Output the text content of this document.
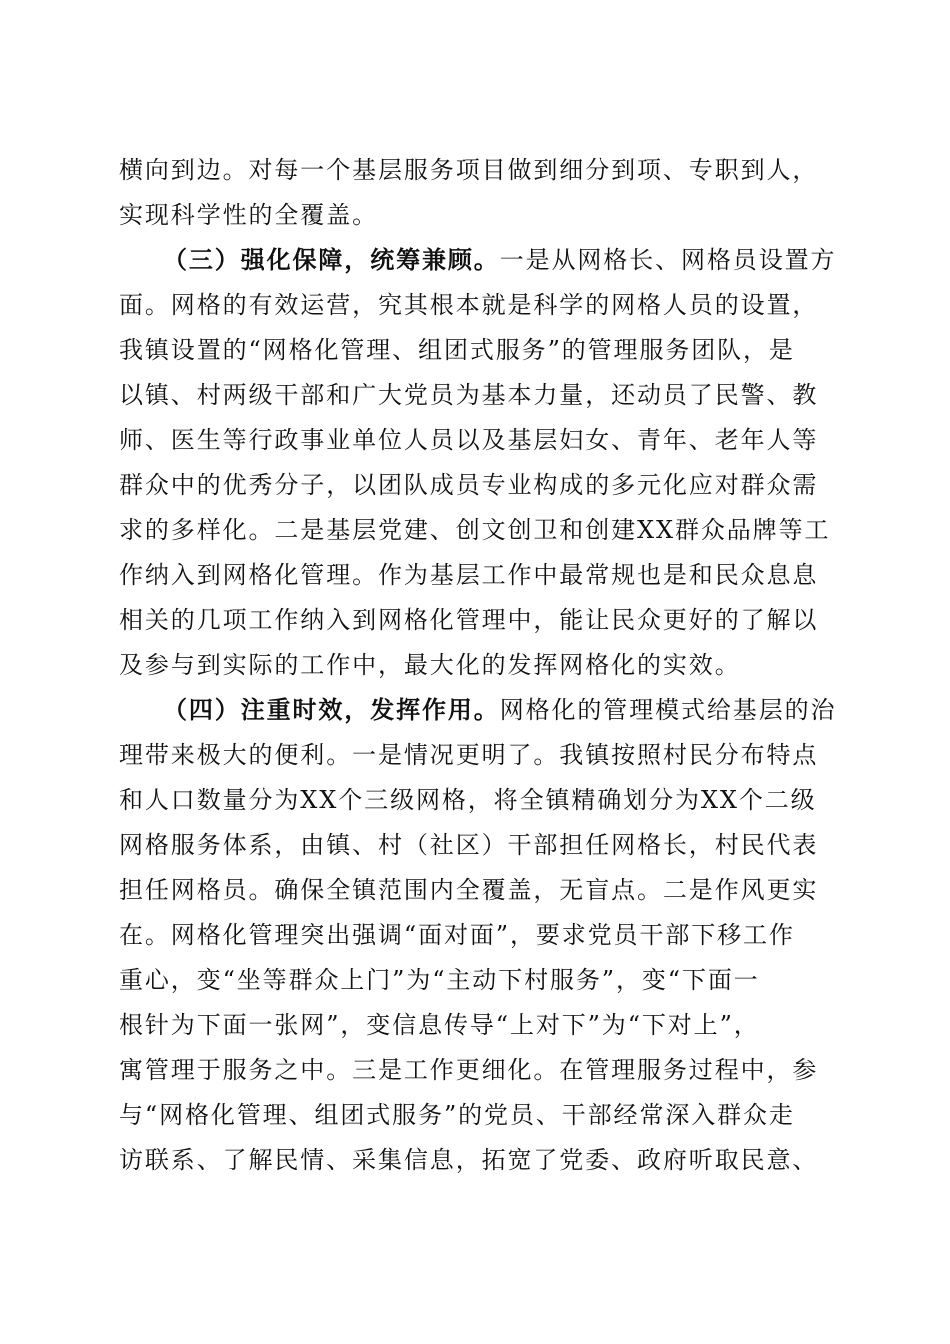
横向到边。对每一个基层服务项目做到细分到项、专职到人，
实现科学性的全覆盖。
（三）强化保障，统筹兼顾。一是从网格长、网格员设置方
面。网格的有效运营，究其根本就是科学的网格人员的设置，
我镇设置的“网格化管理、组团式服务”的管理服务团队，是
以镇、村两级干部和广大党员为基本力量，还动员了民警、教
师、医生等行政事业单位人员以及基层妇女、青年、老年人等
群众中的优秀分子，以团队成员专业构成的多元化应对群众需
求的多样化。二是基层党建、创文创卫和创建XX群众品牌等工
作纳入到网格化管理。作为基层工作中最常规也是和民众息息
相关的几项工作纳入到网格化管理中，能让民众更好的了解以
及参与到实际的工作中，最大化的发挥网格化的实效。
（四）注重时效，发挥作用。网格化的管理模式给基层的治
理带来极大的便利。一是情况更明了。我镇按照村民分布特点
和人口数量分为XX个三级网格，将全镇精确划分为XX个二级
网格服务体系，由镇、村（社区）干部担任网格长，村民代表
担任网格员。确保全镇范围内全覆盖，无盲点。二是作风更实
在。网格化管理突出强调“面对面”，要求党员干部下移工作
重心，变“坐等群众上门”为“主动下村服务”，变“下面一
根针为下面一张网”，变信息传导“上对下”为“下对上”，
寓管理于服务之中。三是工作更细化。在管理服务过程中，参
与“网格化管理、组团式服务”的党员、干部经常深入群众走
访联系、了解民情、采集信息，拓宽了党委、政府听取民意、
